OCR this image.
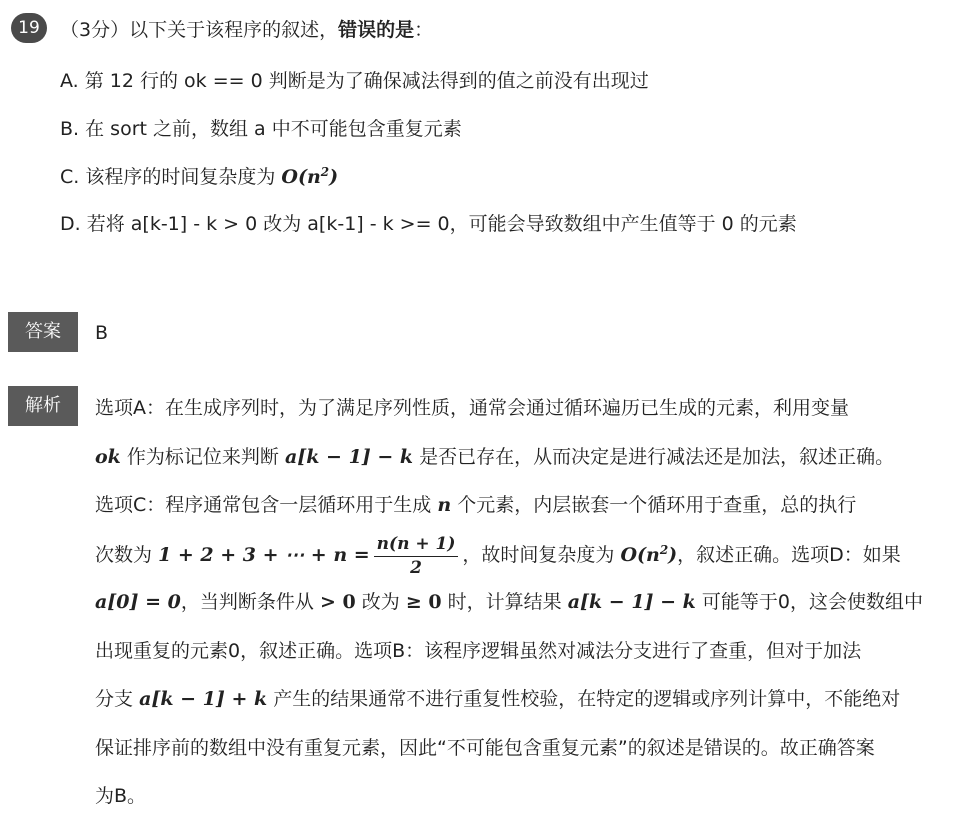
19	（3分）以下关于该程序的叙述，错误的是：
A. 第 12 行的 ok == 0 判断是为了确保减法得到的值之前没有出现过
B. 在 sort 之前，数组 a 中不可能包含重复元素
C. 该程序的时间复杂度为 $O(n^2)$
D. 若将 a[k-1] - k > 0 改为 a[k-1] - k >= 0，可能会导致数组中产生值等于 0 的元素
答案	B
解析	选项A：在生成序列时，为了满足序列性质，通常会通过循环遍历已生成的元素，利用变量
ok 作为标记位来判断 a[k − 1] − k 是否已存在，从而决定是进行减法还是加法，叙述正确。
选项C：程序通常包含一层循环用于生成 n 个元素，内层嵌套一个循环用于查重，总的执行
次数为 1 + 2 + 3 + ⋯ + $n = \frac{n(n + 1)}{2}$ ，故时间复杂度为 $O(n^2)$，叙述正确。选项D：如果
a[0] = 0，当判断条件从 > 0 改为 ≥ 0 时，计算结果 a[k − 1] − k 可能等于0，这会使数组中
出现重复的元素0，叙述正确。选项B：该程序逻辑虽然对减法分支进行了查重，但对于加法
分支 a[k − 1] + k 产生的结果通常不进行重复性校验，在特定的逻辑或序列计算中，不能绝对
保证排序前的数组中没有重复元素，因此“不可能包含重复元素”的叙述是错误的。故正确答案
为B。
